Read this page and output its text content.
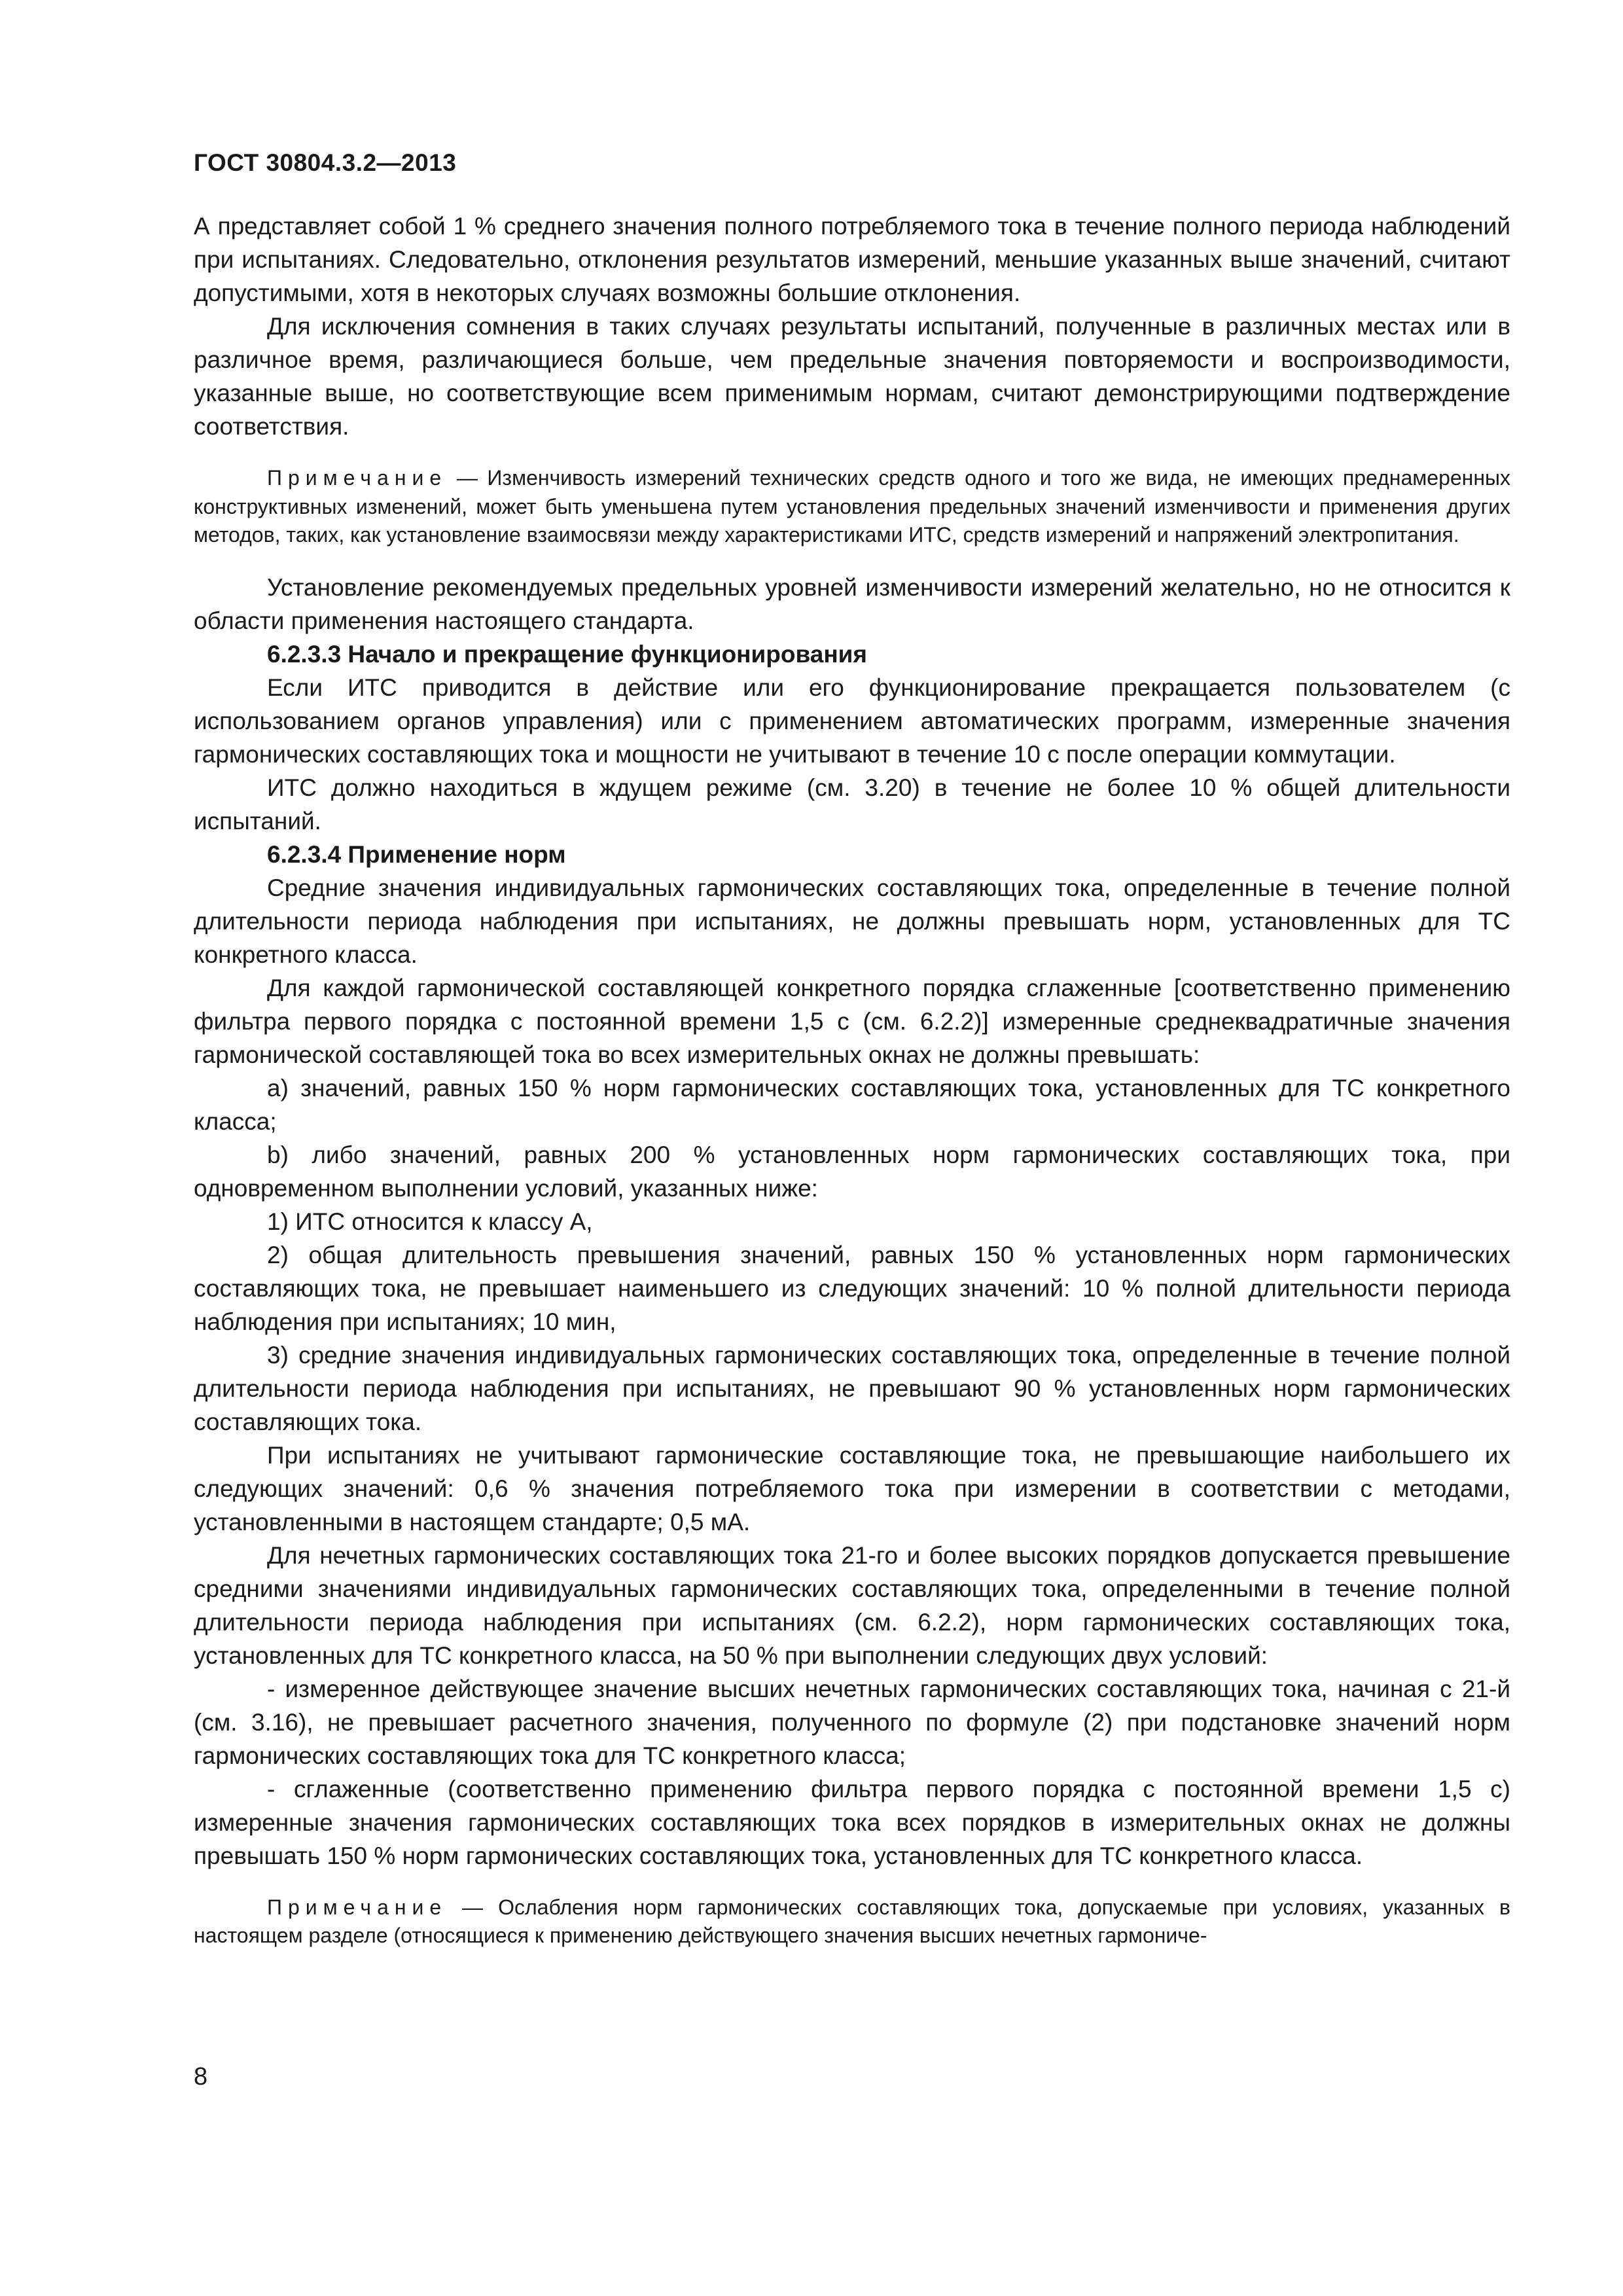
ГОСТ 30804.3.2—2013

А представляет собой 1 % среднего значения полного потребляемого тока в течение полного периода наблюдений при испытаниях. Следовательно, отклонения результатов измерений, меньшие указанных выше значений, считают допустимыми, хотя в некоторых случаях возможны большие отклонения.

Для исключения сомнения в таких случаях результаты испытаний, полученные в различных местах или в различное время, различающиеся больше, чем предельные значения повторяемости и воспроизводимости, указанные выше, но соответствующие всем применимым нормам, считают демонстрирующими подтверждение соответствия.

Примечание — Изменчивость измерений технических средств одного и того же вида, не имеющих преднамеренных конструктивных изменений, может быть уменьшена путем установления предельных значений изменчивости и применения других методов, таких, как установление взаимосвязи между характеристиками ИТС, средств измерений и напряжений электропитания.

Установление рекомендуемых предельных уровней изменчивости измерений желательно, но не относится к области применения настоящего стандарта.

6.2.3.3 Начало и прекращение функционирования

Если ИТС приводится в действие или его функционирование прекращается пользователем (с использованием органов управления) или с применением автоматических программ, измеренные значения гармонических составляющих тока и мощности не учитывают в течение 10 с после операции коммутации.

ИТС должно находиться в ждущем режиме (см. 3.20) в течение не более 10 % общей длительности испытаний.

6.2.3.4 Применение норм

Средние значения индивидуальных гармонических составляющих тока, определенные в течение полной длительности периода наблюдения при испытаниях, не должны превышать норм, установленных для ТС конкретного класса.

Для каждой гармонической составляющей конкретного порядка сглаженные [соответственно применению фильтра первого порядка с постоянной времени 1,5 с (см. 6.2.2)] измеренные среднеквадратичные значения гармонической составляющей тока во всех измерительных окнах не должны превышать:

а) значений, равных 150 % норм гармонических составляющих тока, установленных для ТС конкретного класса;

b) либо значений, равных 200 % установленных норм гармонических составляющих тока, при одновременном выполнении условий, указанных ниже:

1) ИТС относится к классу А,

2) общая длительность превышения значений, равных 150 % установленных норм гармонических составляющих тока, не превышает наименьшего из следующих значений: 10 % полной длительности периода наблюдения при испытаниях; 10 мин,

3) средние значения индивидуальных гармонических составляющих тока, определенные в течение полной длительности периода наблюдения при испытаниях, не превышают 90 % установленных норм гармонических составляющих тока.

При испытаниях не учитывают гармонические составляющие тока, не превышающие наибольшего их следующих значений: 0,6 % значения потребляемого тока при измерении в соответствии с методами, установленными в настоящем стандарте; 0,5 мА.

Для нечетных гармонических составляющих тока 21-го и более высоких порядков допускается превышение средними значениями индивидуальных гармонических составляющих тока, определенными в течение полной длительности периода наблюдения при испытаниях (см. 6.2.2), норм гармонических составляющих тока, установленных для ТС конкретного класса, на 50 % при выполнении следующих двух условий:

- измеренное действующее значение высших нечетных гармонических составляющих тока, начиная с 21-й (см. 3.16), не превышает расчетного значения, полученного по формуле (2) при подстановке значений норм гармонических составляющих тока для ТС конкретного класса;

- сглаженные (соответственно применению фильтра первого порядка с постоянной времени 1,5 с) измеренные значения гармонических составляющих тока всех порядков в измерительных окнах не должны превышать 150 % норм гармонических составляющих тока, установленных для ТС конкретного класса.

Примечание — Ослабления норм гармонических составляющих тока, допускаемые при условиях, указанных в настоящем разделе (относящиеся к применению действующего значения высших нечетных гармониче-

8
